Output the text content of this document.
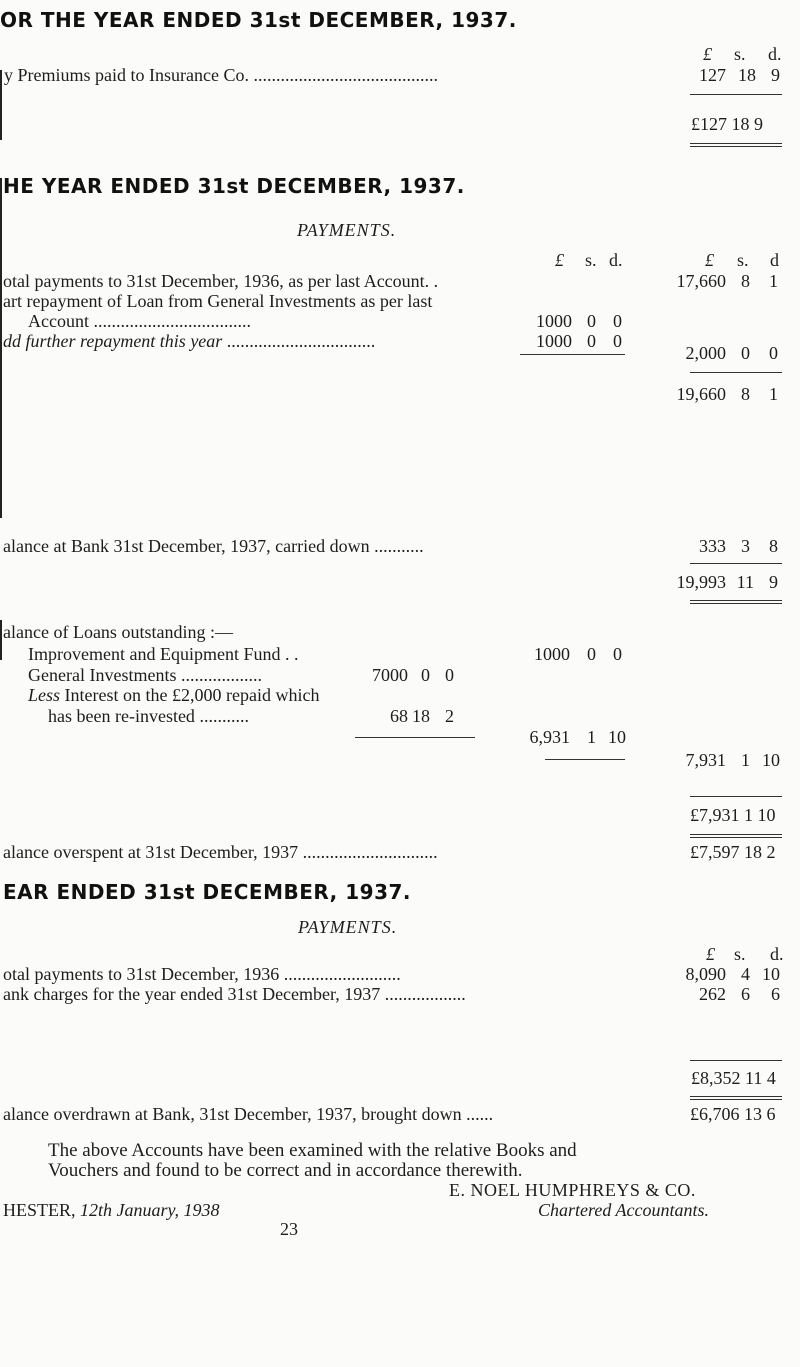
OR THE YEAR ENDED 31st DECEMBER, 1937.
£ s. d.
y Premiums paid to Insurance Co. .........................................	127 18 9
£127 18 9
HE YEAR ENDED 31st DECEMBER, 1937.
PAYMENTS.
£ s. d.	£ s. d
otal payments to 31st December, 1936, as per last Account. .	17,660 8	1
art repayment of Loan from General Investments as per last
Account ...................................	1000 0 0
dd further repayment this year .................................	1000 0 0
2,000 0	0
19,660 8	1
alance at Bank 31st December, 1937, carried down ...........	333 3	8
19,993 11 9
alance of Loans outstanding :—
Improvement and Equipment Fund . .	1000 0 0
General Investments ..................	7000 0 0
Less Interest on the £2,000 repaid which
has been re-invested ...........	68 18 2
6,931 1 10
7,931 1 10
£7,931 1 10
alance overspent at 31st December, 1937 ..............................	£7,597 18 2
EAR ENDED 31st DECEMBER, 1937.
PAYMENTS.
£ s. d.
otal payments to 31st December, 1936 ..........................	8,090 4 10
ank charges for the year ended 31st December, 1937 ..................	262 6	6
£8,352 11 4
alance overdrawn at Bank, 31st December, 1937, brought down ......	£6,706 13 6
The above Accounts have been examined with the relative Books and
Vouchers and found to be correct and in accordance therewith.
E. NOEL HUMPHREYS & CO.
HESTER, 12th January, 1938	Chartered Accountants.
23
